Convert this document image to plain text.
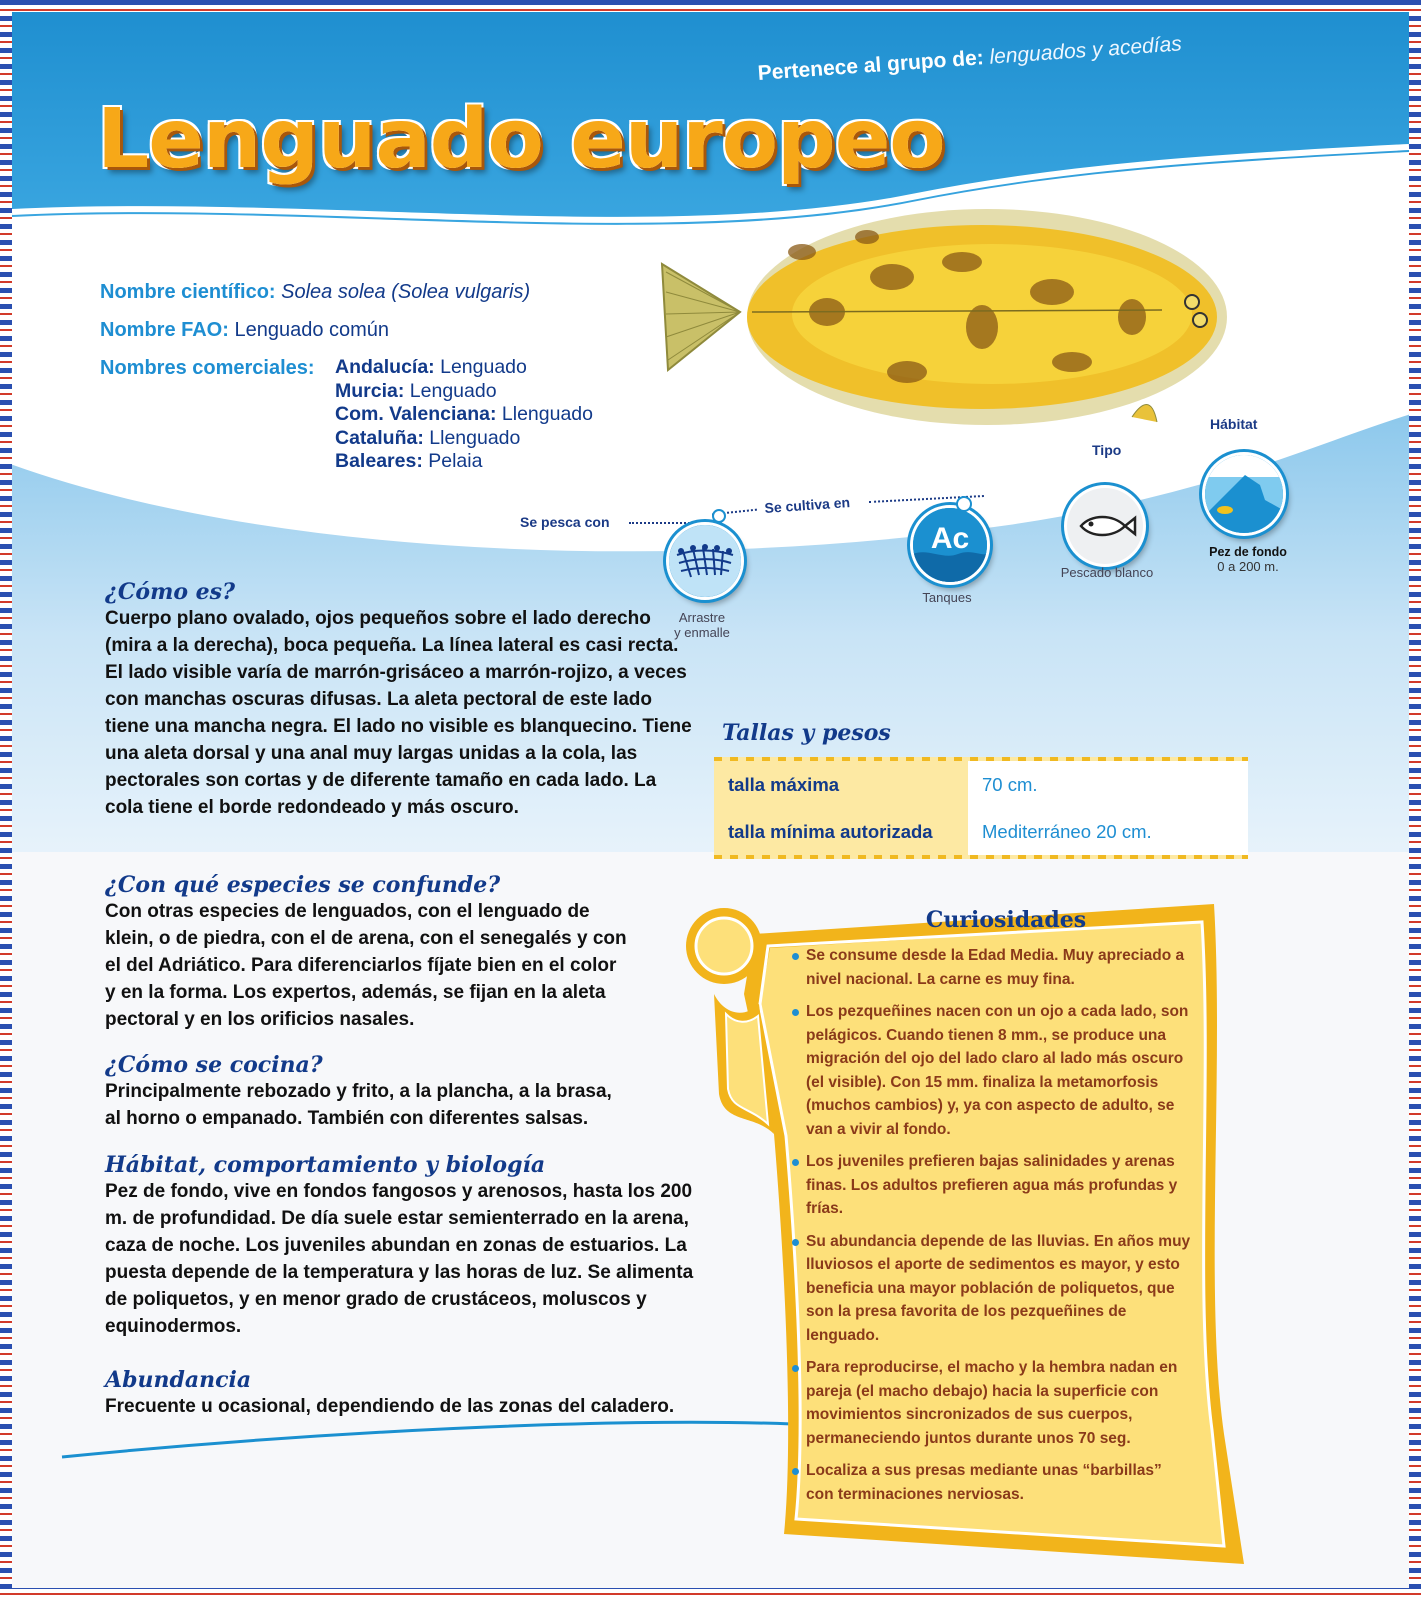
Pertenece al grupo de: lenguados y acedías
Lenguado europeo
Nombre científico: Solea solea (Solea vulgaris)
Nombre FAO: Lenguado común
Nombres comerciales: Andalucía: Lenguado
Murcia: Lenguado
Com. Valenciana: Llenguado
Cataluña: Llenguado
Baleares: Pelaia
Se pesca con
Arrastre
y enmalle
Se cultiva en
Ac
Tanques
Tipo
Pescado blanco
Hábitat
Pez de fondo
0 a 200 m.
¿Cómo es?
Cuerpo plano ovalado, ojos pequeños sobre el lado derecho (mira a la derecha), boca pequeña. La línea lateral es casi recta. El lado visible varía de marrón-grisáceo a marrón-rojizo, a veces con manchas oscuras difusas. La aleta pectoral de este lado tiene una mancha negra. El lado no visible es blanquecino. Tiene una aleta dorsal y una anal muy largas unidas a la cola, las pectorales son cortas y de diferente tamaño en cada lado. La cola tiene el borde redondeado y más oscuro.
¿Con qué especies se confunde?
Con otras especies de lenguados, con el lenguado de klein, o de piedra, con el de arena, con el senegalés y con el del Adriático. Para diferenciarlos fíjate bien en el color y en la forma. Los expertos, además, se fijan en la aleta pectoral y en los orificios nasales.
¿Cómo se cocina?
Principalmente rebozado y frito, a la plancha, a la brasa, al horno o empanado. También con diferentes salsas.
Hábitat, comportamiento y biología
Pez de fondo, vive en fondos fangosos y arenosos, hasta los 200 m. de profundidad. De día suele estar semienterrado en la arena, caza de noche. Los juveniles abundan en zonas de estuarios. La puesta depende de la temperatura y las horas de luz. Se alimenta de poliquetos, y en menor grado de crustáceos, moluscos y equinodermos.
Abundancia
Frecuente u ocasional, dependiendo de las zonas del caladero.
Tallas y pesos
talla máxima	70 cm.
talla mínima autorizada	Mediterráneo 20 cm.
Curiosidades
Se consume desde la Edad Media. Muy apreciado a nivel nacional. La carne es muy fina.
Los pezqueñines nacen con un ojo a cada lado, son pelágicos. Cuando tienen 8 mm., se produce una migración del ojo del lado claro al lado más oscuro (el visible). Con 15 mm. finaliza la metamorfosis (muchos cambios) y, ya con aspecto de adulto, se van a vivir al fondo.
Los juveniles prefieren bajas salinidades y arenas finas. Los adultos prefieren agua más profundas y frías.
Su abundancia depende de las lluvias. En años muy lluviosos el aporte de sedimentos es mayor, y esto beneficia una mayor población de poliquetos, que son la presa favorita de los pezqueñines de lenguado.
Para reproducirse, el macho y la hembra nadan en pareja (el macho debajo) hacia la superficie con movimientos sincronizados de sus cuerpos, permaneciendo juntos durante unos 70 seg.
Localiza a sus presas mediante unas “barbillas” con terminaciones nerviosas.
